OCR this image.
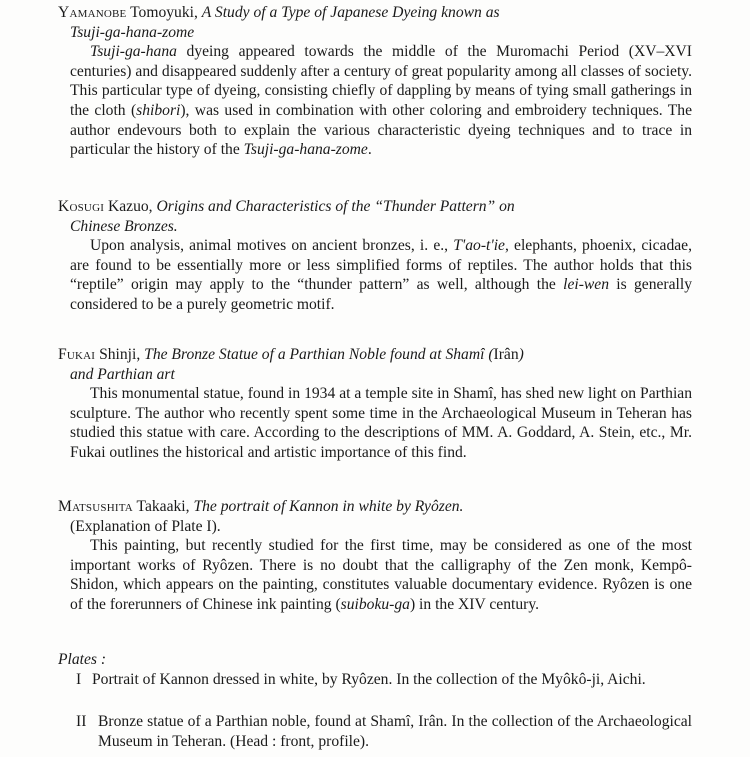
Yamanobe Tomoyuki, A Study of a Type of Japanese Dyeing known as
Tsuji-ga-hana-zome

Tsuji-ga-hana dyeing appeared towards the middle of the Muromachi Period (XV–XVI centuries) and disappeared suddenly after a century of great popularity among all classes of society. This particular type of dyeing, consisting chiefly of dappling by means of tying small gatherings in the cloth (shibori), was used in combination with other coloring and embroidery techniques. The author endevours both to explain the various characteristic dyeing techniques and to trace in particular the history of the Tsuji-ga-hana-zome.

Kosugi Kazuo, Origins and Characteristics of the “Thunder Pattern” on
Chinese Bronzes.

Upon analysis, animal motives on ancient bronzes, i. e., T'ao-t'ie, elephants, phoenix, cicadae, are found to be essentially more or less simplified forms of reptiles. The author holds that this “reptile” origin may apply to the “thunder pattern” as well, although the lei-wen is generally considered to be a purely geometric motif.

Fukai Shinji, The Bronze Statue of a Parthian Noble found at Shamî (Irân)
and Parthian art

This monumental statue, found in 1934 at a temple site in Shamî, has shed new light on Parthian sculpture. The author who recently spent some time in the Archaeological Museum in Teheran has studied this statue with care. According to the descriptions of MM. A. Goddard, A. Stein, etc., Mr. Fukai outlines the historical and artistic importance of this find.

Matsushita Takaaki, The portrait of Kannon in white by Ryôzen.
(Explanation of Plate I).

This painting, but recently studied for the first time, may be considered as one of the most important works of Ryôzen. There is no doubt that the calligraphy of the Zen monk, Kempô-Shidon, which appears on the painting, constitutes valuable documentary evidence. Ryôzen is one of the forerunners of Chinese ink painting (suiboku-ga) in the XIV century.

Plates :
I Portrait of Kannon dressed in white, by Ryôzen. In the collection of the Myôkô-ji, Aichi.
II Bronze statue of a Parthian noble, found at Shamî, Irân. In the collection of the Archaeological Museum in Teheran. (Head : front, profile).
